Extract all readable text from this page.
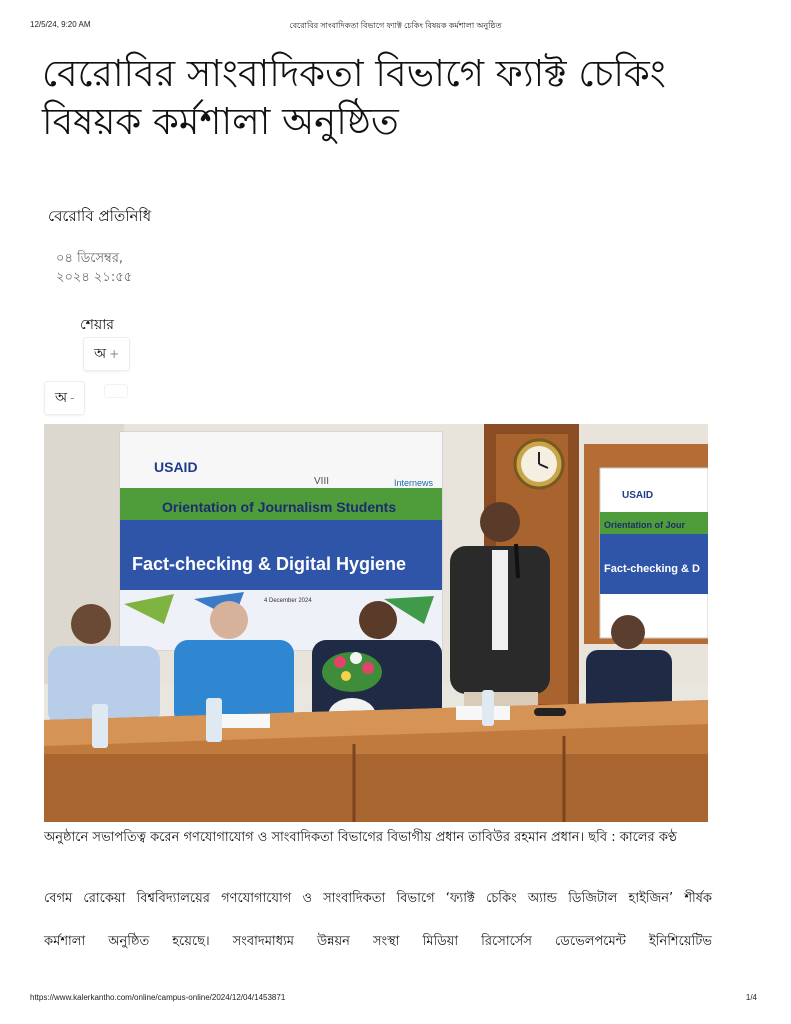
12/5/24, 9:20 AM	বেরোবির সাংবাদিকতা বিভাগে ফ্যাক্ট চেকিং বিষয়ক কর্মশালা অনুষ্ঠিত
বেরোবির সাংবাদিকতা বিভাগে ফ্যাক্ট চেকিং
বিষয়ক কর্মশালা অনুষ্ঠিত
বেরোবি প্রতিনিধি
০৪ ডিসেম্বর,
২০২৪ ২১:৫৫
শেয়ার
অ +
অ -
USAID
VIII	Internews
Orientation of Journalism Students
Fact-checking & Digital Hygiene
4 December 2024
USAID
Orientation of Jour
Fact-checking & D
অনুষ্ঠানে সভাপতিত্ব করেন গণযোগাযোগ ও সাংবাদিকতা বিভাগের বিভাগীয় প্রধান তাবিউর রহমান প্রধান। ছবি : কালের কণ্ঠ

বেগম রোকেয়া বিশ্ববিদ্যালয়ের গণযোগাযোগ ও সাংবাদিকতা বিভাগে ‘ফ্যাক্ট চেকিং অ্যান্ড ডিজিটাল হাইজিন’ শীর্ষক

কর্মশালা অনুষ্ঠিত হয়েছে। সংবাদমাধ্যম উন্নয়ন সংস্থা মিডিয়া রিসোর্সেস ডেভেলপমেন্ট ইনিশিয়েটিভ

https://www.kalerkantho.com/online/campus-online/2024/12/04/1453871	1/4
